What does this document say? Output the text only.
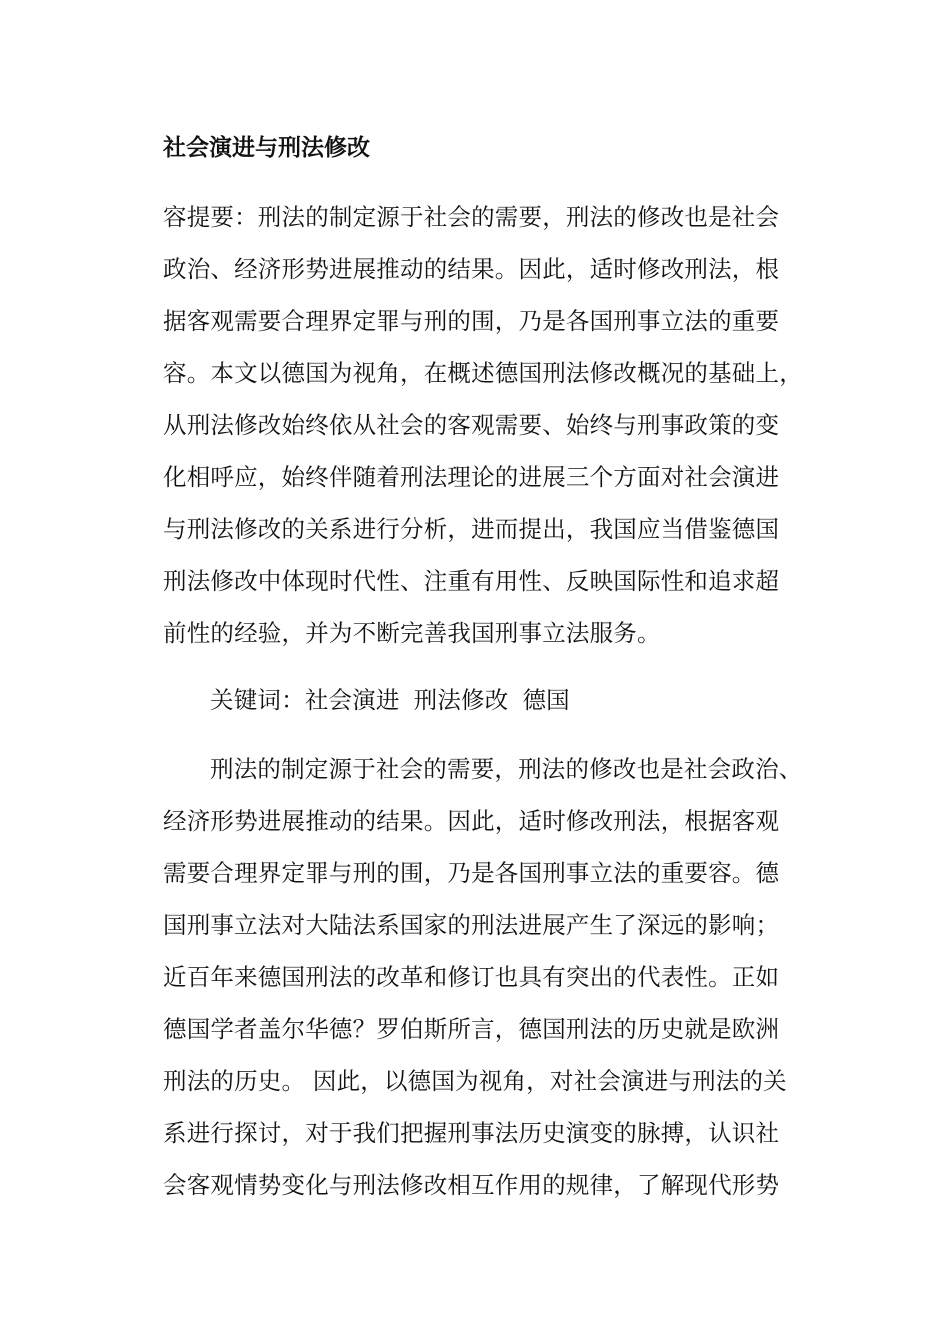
社会演进与刑法修改
容提要：刑法的制定源于社会的需要，刑法的修改也是社会
政治、经济形势进展推动的结果。因此，适时修改刑法，根
据客观需要合理界定罪与刑的围，乃是各国刑事立法的重要
容。本文以德国为视角，在概述德国刑法修改概况的基础上，
从刑法修改始终依从社会的客观需要、始终与刑事政策的变
化相呼应，始终伴随着刑法理论的进展三个方面对社会演进
与刑法修改的关系进行分析，进而提出，我国应当借鉴德国
刑法修改中体现时代性、注重有用性、反映国际性和追求超
前性的经验，并为不断完善我国刑事立法服务。
关键词：社会演进 刑法修改 德国
刑法的制定源于社会的需要，刑法的修改也是社会政治、
经济形势进展推动的结果。因此，适时修改刑法，根据客观
需要合理界定罪与刑的围，乃是各国刑事立法的重要容。德
国刑事立法对大陆法系国家的刑法进展产生了深远的影响；
近百年来德国刑法的改革和修订也具有突出的代表性。正如
德国学者盖尔华德？罗伯斯所言，德国刑法的历史就是欧洲
刑法的历史。 因此，以德国为视角，对社会演进与刑法的关
系进行探讨，对于我们把握刑事法历史演变的脉搏，认识社
会客观情势变化与刑法修改相互作用的规律，了解现代形势
